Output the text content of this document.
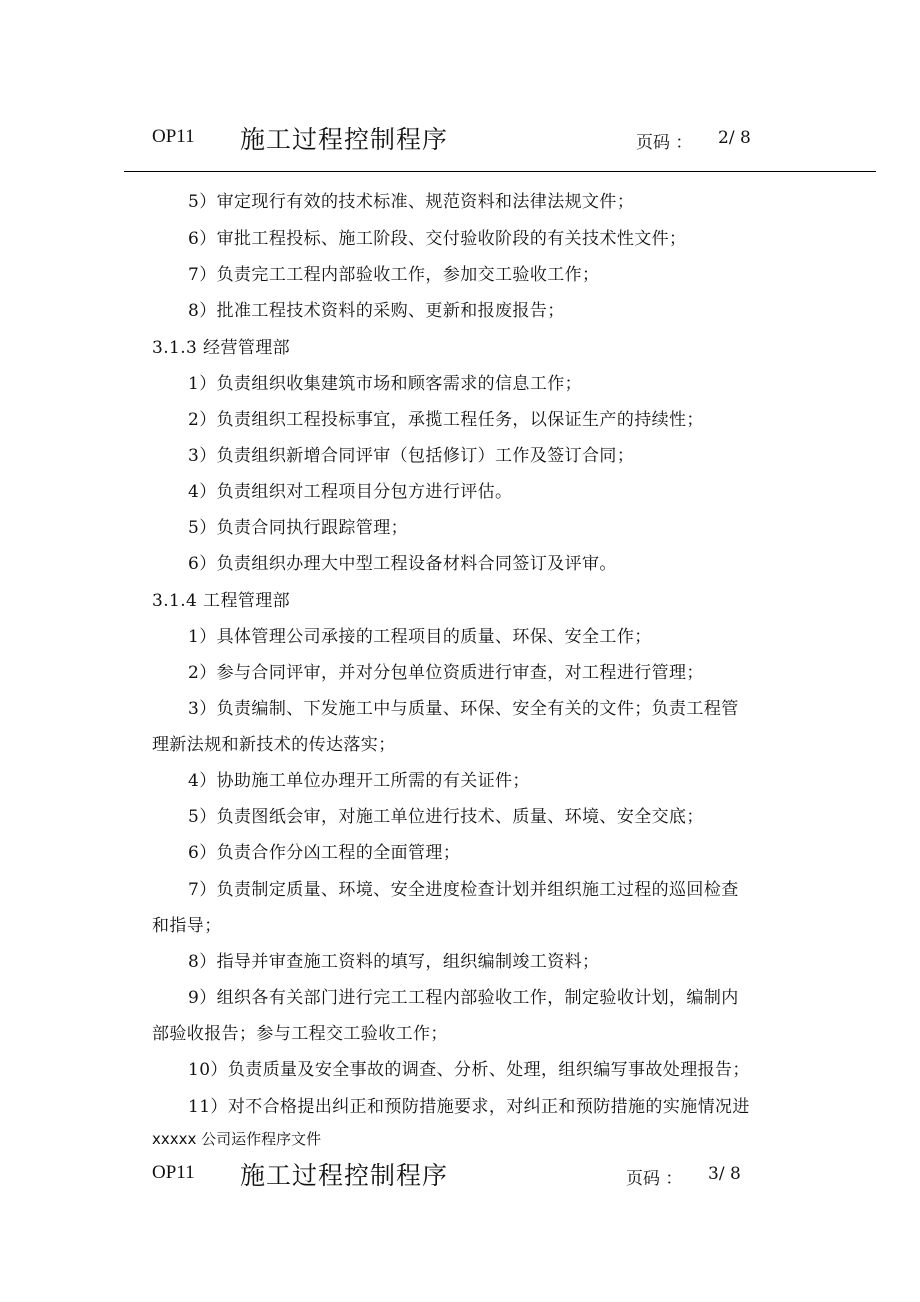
OP11 施工过程控制程序	页码 ： 2/ 8
5）审定现行有效的技术标准、规范资料和法律法规文件；
6）审批工程投标、施工阶段、交付验收阶段的有关技术性文件；
7）负责完工工程内部验收工作，参加交工验收工作；
8）批准工程技术资料的采购、更新和报废报告；
3.1.3 经营管理部
1）负责组织收集建筑市场和顾客需求的信息工作；
2）负责组织工程投标事宜，承揽工程任务，以保证生产的持续性；
3）负责组织新增合同评审（包括修订）工作及签订合同；
4）负责组织对工程项目分包方进行评估。
5）负责合同执行跟踪管理；
6）负责组织办理大中型工程设备材料合同签订及评审。
3.1.4 工程管理部
1）具体管理公司承接的工程项目的质量、环保、安全工作；
2）参与合同评审，并对分包单位资质进行审查，对工程进行管理；
3）负责编制、下发施工中与质量、环保、安全有关的文件；负责工程管
理新法规和新技术的传达落实；
4）协助施工单位办理开工所需的有关证件；
5）负责图纸会审，对施工单位进行技术、质量、环境、安全交底；
6）负责合作分凶工程的全面管理；
7）负责制定质量、环境、安全进度检查计划并组织施工过程的巡回检查
和指导；
8）指导并审查施工资料的填写，组织编制竣工资料；
9）组织各有关部门进行完工工程内部验收工作，制定验收计划，编制内
部验收报告；参与工程交工验收工作；
10）负责质量及安全事故的调查、分析、处理，组织编写事故处理报告；
11）对不合格提出纠正和预防措施要求，对纠正和预防措施的实施情况进
xxxxx 公司运作程序文件
OP11 施工过程控制程序	页码 ： 3/ 8
